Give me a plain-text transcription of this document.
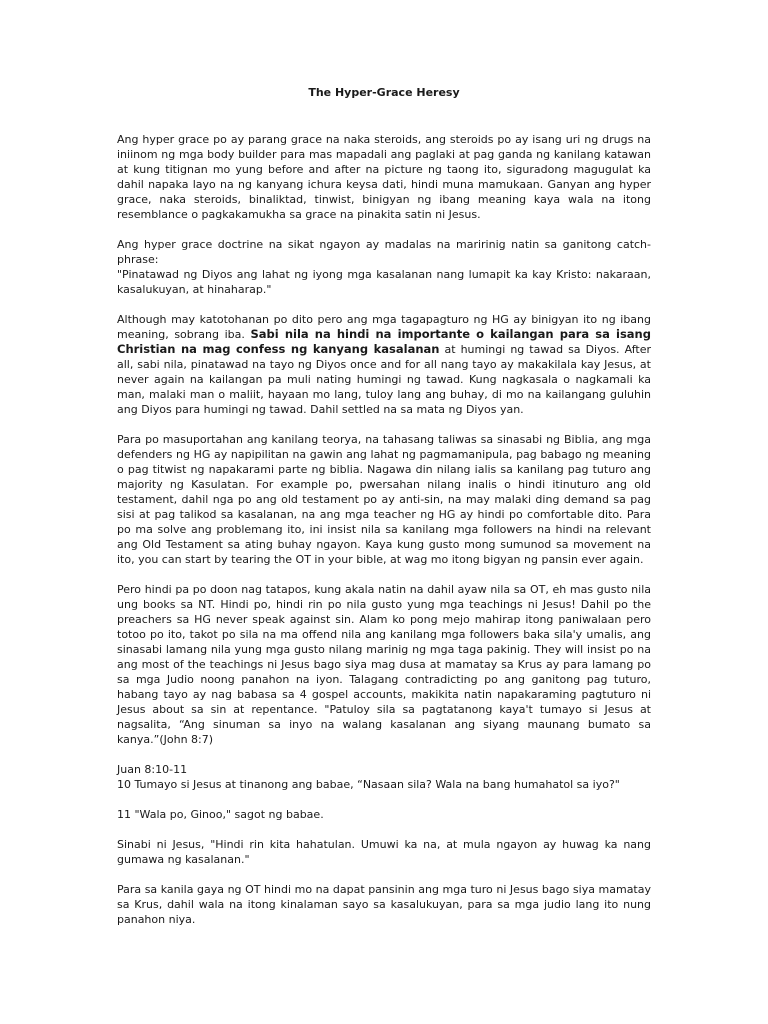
The Hyper-Grace Heresy

Ang hyper grace po ay parang grace na naka steroids, ang steroids po ay isang uri ng drugs na iniinom ng mga body builder para mas mapadali ang paglaki at pag ganda ng kanilang katawan at kung titignan mo yung before and after na picture ng taong ito, siguradong magugulat ka dahil napaka layo na ng kanyang ichura keysa dati, hindi muna mamukaan. Ganyan ang hyper grace, naka steroids, binaliktad, tinwist, binigyan ng ibang meaning kaya wala na itong resemblance o pagkakamukha sa grace na pinakita satin ni Jesus.

Ang hyper grace doctrine na sikat ngayon ay madalas na maririnig natin sa ganitong catch-phrase:
"Pinatawad ng Diyos ang lahat ng iyong mga kasalanan nang lumapit ka kay Kristo: nakaraan, kasalukuyan, at hinaharap."

Although may katotohanan po dito pero ang mga tagapagturo ng HG ay binigyan ito ng ibang meaning, sobrang iba. Sabi nila na hindi na importante o kailangan para sa isang Christian na mag confess ng kanyang kasalanan at humingi ng tawad sa Diyos. After all, sabi nila, pinatawad na tayo ng Diyos once and for all nang tayo ay makakilala kay Jesus, at never again na kailangan pa muli nating humingi ng tawad. Kung nagkasala o nagkamali ka man, malaki man o maliit, hayaan mo lang, tuloy lang ang buhay, di mo na kailangang guluhin ang Diyos para humingi ng tawad. Dahil settled na sa mata ng Diyos yan.

Para po masuportahan ang kanilang teorya, na tahasang taliwas sa sinasabi ng Biblia, ang mga defenders ng HG ay napipilitan na gawin ang lahat ng pagmamanipula, pag babago ng meaning o pag titwist ng napakarami parte ng biblia. Nagawa din nilang ialis sa kanilang pag tuturo ang majority ng Kasulatan. For example po, pwersahan nilang inalis o hindi itinuturo ang old testament, dahil nga po ang old testament po ay anti-sin, na may malaki ding demand sa pag sisi at pag talikod sa kasalanan, na ang mga teacher ng HG ay hindi po comfortable dito. Para po ma solve ang problemang ito, ini insist nila sa kanilang mga followers na hindi na relevant ang Old Testament sa ating buhay ngayon. Kaya kung gusto mong sumunod sa movement na ito, you can start by tearing the OT in your bible, at wag mo itong bigyan ng pansin ever again.

Pero hindi pa po doon nag tatapos, kung akala natin na dahil ayaw nila sa OT, eh mas gusto nila ung books sa NT. Hindi po, hindi rin po nila gusto yung mga teachings ni Jesus! Dahil po the preachers sa HG never speak against sin. Alam ko pong mejo mahirap itong paniwalaan pero totoo po ito, takot po sila na ma offend nila ang kanilang mga followers baka sila'y umalis, ang sinasabi lamang nila yung mga gusto nilang marinig ng mga taga pakinig. They will insist po na ang most of the teachings ni Jesus bago siya mag dusa at mamatay sa Krus ay para lamang po sa mga Judio noong panahon na iyon. Talagang contradicting po ang ganitong pag tuturo, habang tayo ay nag babasa sa 4 gospel accounts, makikita natin napakaraming pagtuturo ni Jesus about sa sin at repentance. "Patuloy sila sa pagtatanong kaya't tumayo si Jesus at nagsalita, “Ang sinuman sa inyo na walang kasalanan ang siyang maunang bumato sa kanya.”(John 8:7)

Juan 8:10-11
10 Tumayo si Jesus at tinanong ang babae, “Nasaan sila? Wala na bang humahatol sa iyo?"

11 "Wala po, Ginoo," sagot ng babae.

Sinabi ni Jesus, "Hindi rin kita hahatulan. Umuwi ka na, at mula ngayon ay huwag ka nang gumawa ng kasalanan."

Para sa kanila gaya ng OT hindi mo na dapat pansinin ang mga turo ni Jesus bago siya mamatay sa Krus, dahil wala na itong kinalaman sayo sa kasalukuyan, para sa mga judio lang ito nung panahon niya.
